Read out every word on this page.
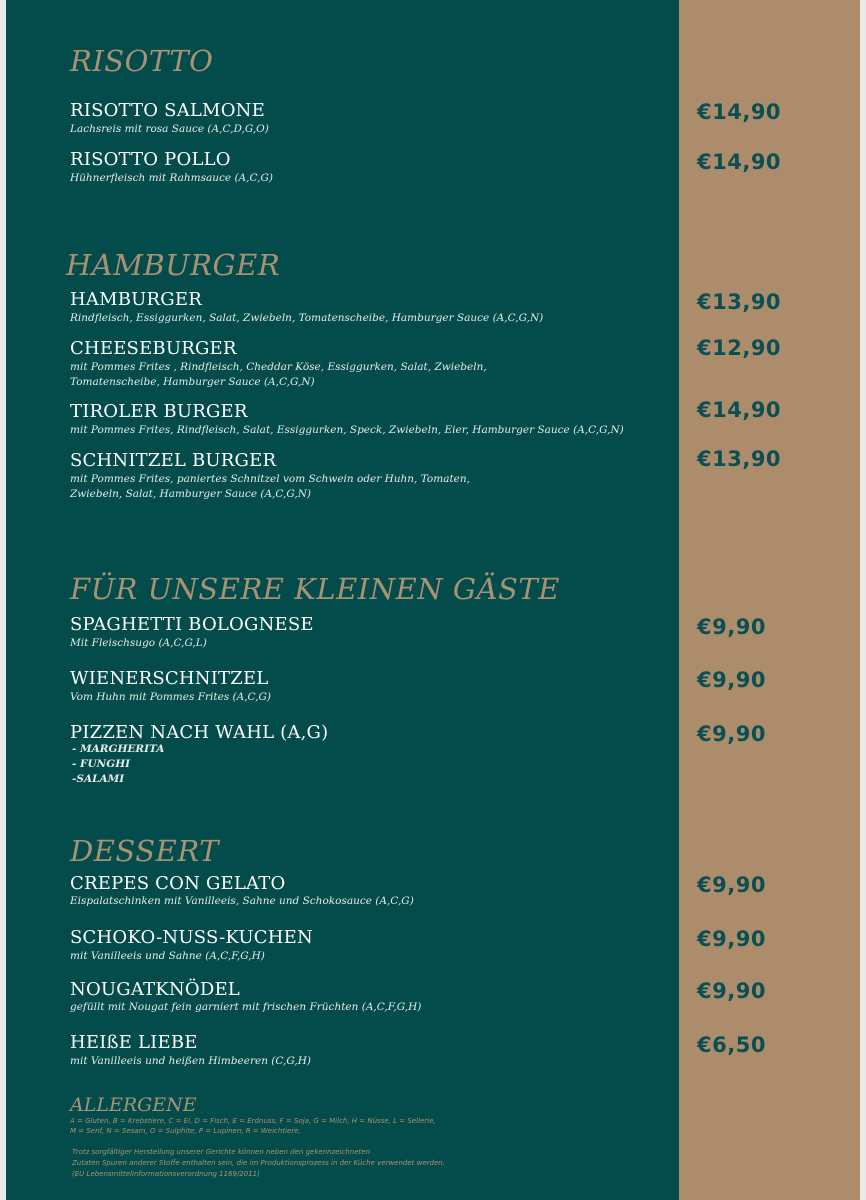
RISOTTO
RISOTTO SALMONE
Lachsreis mit rosa Sauce (A,C,D,G,O)
€14,90
RISOTTO POLLO
Hühnerfleisch mit Rahmsauce (A,C,G)
€14,90
HAMBURGER
HAMBURGER
Rindfleisch, Essiggurken, Salat, Zwiebeln, Tomatenscheibe, Hamburger Sauce (A,C,G,N)
€13,90
CHEESEBURGER
mit Pommes Frites , Rindfleisch, Cheddar Köse, Essiggurken, Salat, Zwiebeln,
Tomatenscheibe, Hamburger Sauce (A,C,G,N)
€12,90
TIROLER BURGER
mit Pommes Frites, Rindfleisch, Salat, Essiggurken, Speck, Zwiebeln, Eier, Hamburger Sauce (A,C,G,N)
€14,90
SCHNITZEL BURGER
mit Pommes Frites, paniertes Schnitzel vom Schwein oder Huhn, Tomaten,
Zwiebeln, Salat, Hamburger Sauce (A,C,G,N)
€13,90
FÜR UNSERE KLEINEN GÄSTE
SPAGHETTI BOLOGNESE
Mit Fleischsugo (A,C,G,L)
€9,90
WIENERSCHNITZEL
Vom Huhn mit Pommes Frites (A,C,G)
€9,90
PIZZEN NACH WAHL (A,G)
- MARGHERITA
- FUNGHI
-SALAMI
€9,90
DESSERT
CREPES CON GELATO
Eispalatschinken mit Vanilleeis, Sahne und Schokosauce (A,C,G)
€9,90
SCHOKO-NUSS-KUCHEN
mit Vanilleeis und Sahne (A,C,F,G,H)
€9,90
NOUGATKNÖDEL
gefüllt mit Nougat fein garniert mit frischen Früchten (A,C,F,G,H)
€9,90
HEIßE LIEBE
mit Vanilleeis und heißen Himbeeren (C,G,H)
€6,50
ALLERGENE
A = Gluten, B = Krebstiere, C = Ei, D = Fisch, E = Erdnuss, F = Soja, G = Milch, H = Nüsse, L = Sellerie,
M = Senf, N = Sesam, O = Sulphite, P = Lupinen, R = Weichtiere,
Trotz sorgfältiger Herstellung unserer Gerichte können neben den gekennzeichneten
Zutaten Spuren anderer Stoffe enthalten sein, die im Produktionsprozess in der Küche verwendet werden.
(EU Lebensmittelinformationsverordnung 1169/2011)
